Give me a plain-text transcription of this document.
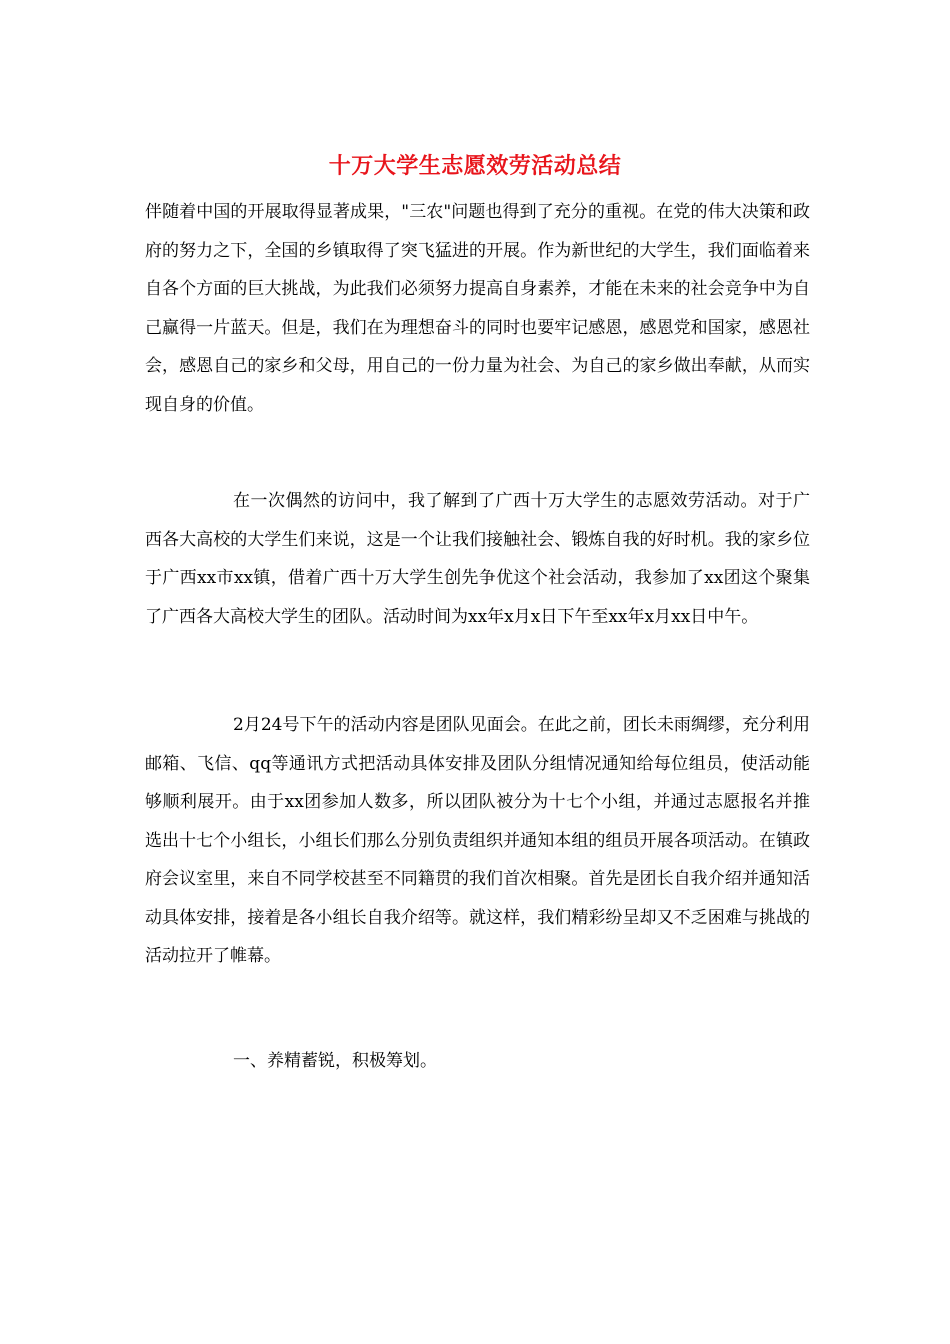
十万大学生志愿效劳活动总结

伴随着中国的开展取得显著成果，"三农"问题也得到了充分的重视。在党的伟大决策和政府的努力之下，全国的乡镇取得了突飞猛进的开展。作为新世纪的大学生，我们面临着来自各个方面的巨大挑战，为此我们必须努力提高自身素养，才能在未来的社会竞争中为自己赢得一片蓝天。但是，我们在为理想奋斗的同时也要牢记感恩，感恩党和国家，感恩社会，感恩自己的家乡和父母，用自己的一份力量为社会、为自己的家乡做出奉献，从而实现自身的价值。

在一次偶然的访问中，我了解到了广西十万大学生的志愿效劳活动。对于广西各大高校的大学生们来说，这是一个让我们接触社会、锻炼自我的好时机。我的家乡位于广西xx市xx镇，借着广西十万大学生创先争优这个社会活动，我参加了xx团这个聚集了广西各大高校大学生的团队。活动时间为xx年x月x日下午至xx年x月xx日中午。

2月24号下午的活动内容是团队见面会。在此之前，团长未雨绸缪，充分利用邮箱、飞信、qq等通讯方式把活动具体安排及团队分组情况通知给每位组员，使活动能够顺利展开。由于xx团参加人数多，所以团队被分为十七个小组，并通过志愿报名并推选出十七个小组长，小组长们那么分别负责组织并通知本组的组员开展各项活动。在镇政府会议室里，来自不同学校甚至不同籍贯的我们首次相聚。首先是团长自我介绍并通知活动具体安排，接着是各小组长自我介绍等。就这样，我们精彩纷呈却又不乏困难与挑战的活动拉开了帷幕。

一、养精蓄锐，积极筹划。
